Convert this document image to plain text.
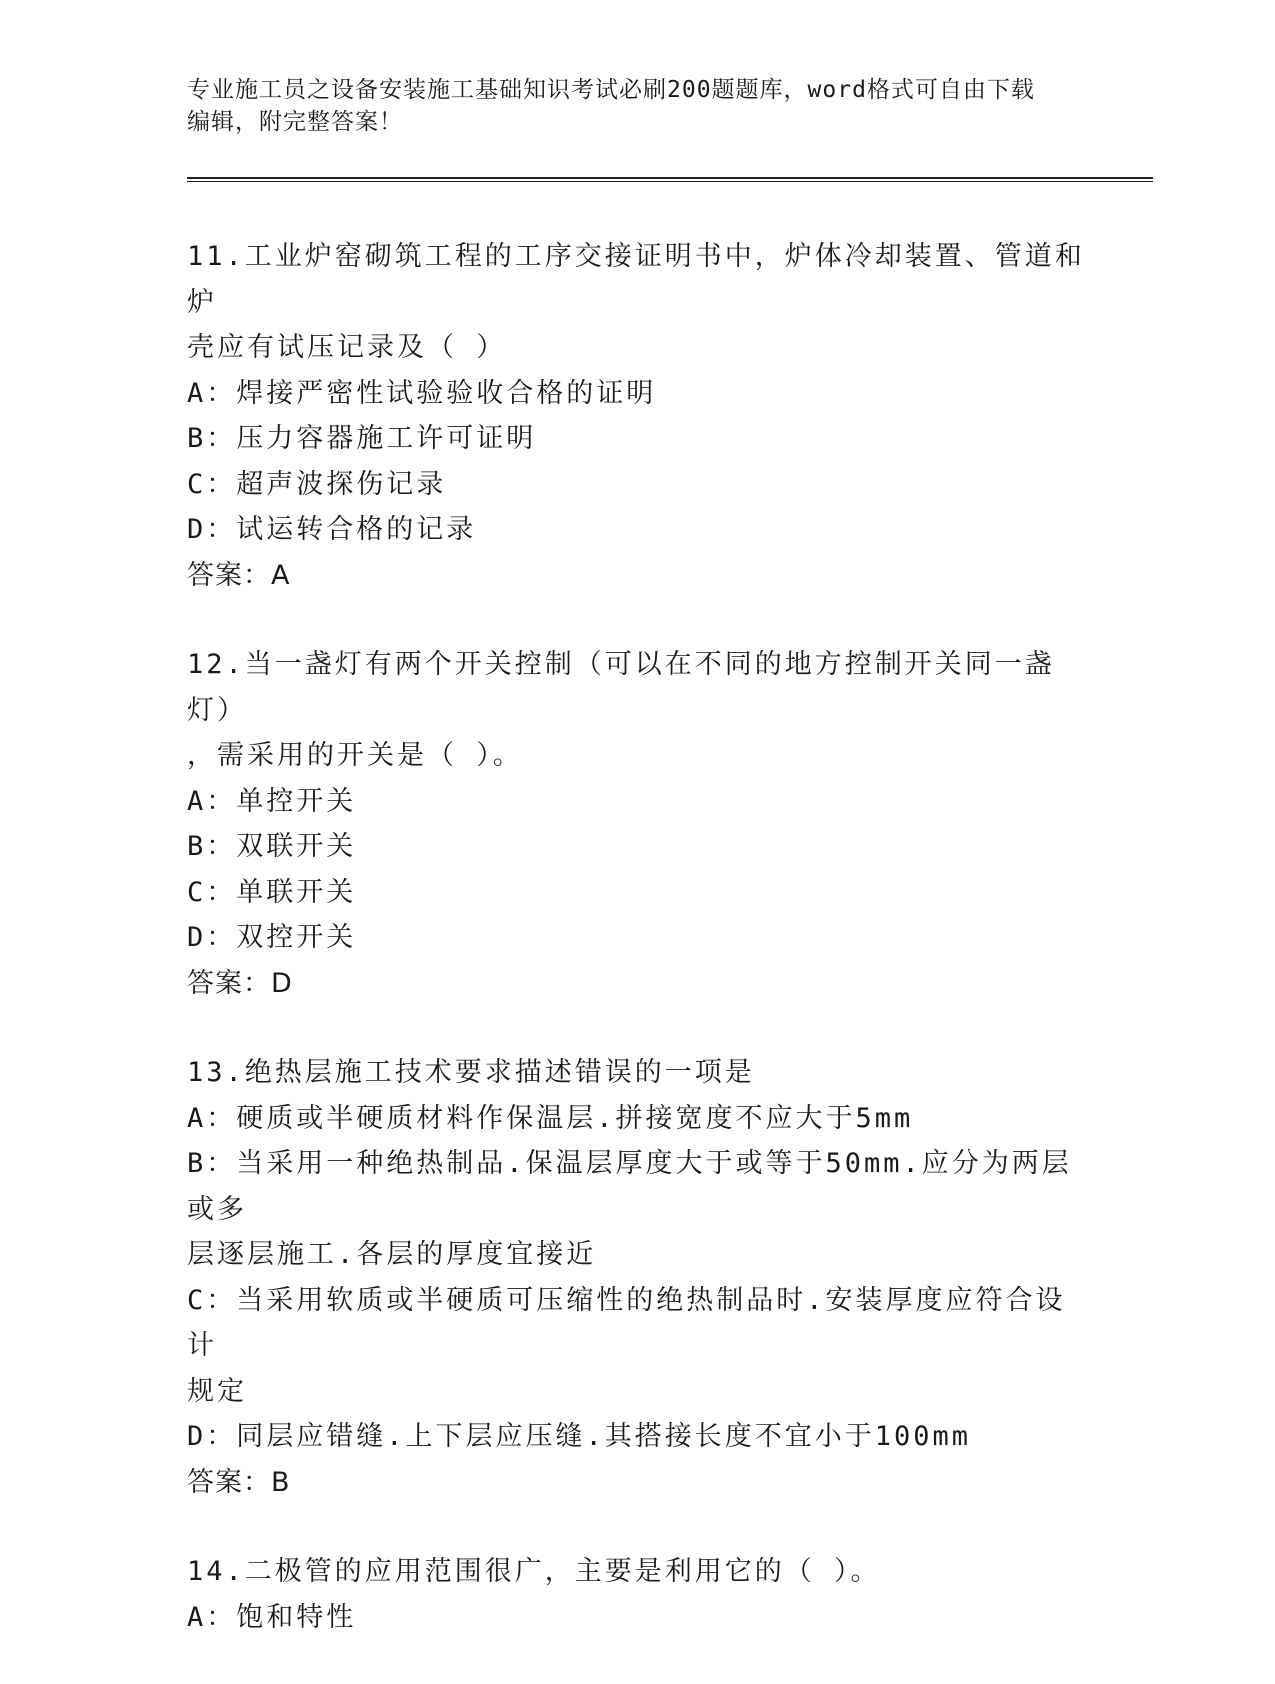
专业施工员之设备安装施工基础知识考试必刷200题题库，word格式可自由下载
编辑，附完整答案！
11.工业炉窑砌筑工程的工序交接证明书中，炉体冷却装置、管道和炉
壳应有试压记录及（ ）
A：焊接严密性试验验收合格的证明
B：压力容器施工许可证明
C：超声波探伤记录
D：试运转合格的记录
答案：A
12.当一盏灯有两个开关控制（可以在不同的地方控制开关同一盏灯）
，需采用的开关是（ ）。
A：单控开关
B：双联开关
C：单联开关
D：双控开关
答案：D
13.绝热层施工技术要求描述错误的一项是
A：硬质或半硬质材料作保温层.拼接宽度不应大于5mm
B：当采用一种绝热制品.保温层厚度大于或等于50mm.应分为两层或多
层逐层施工.各层的厚度宜接近
C：当采用软质或半硬质可压缩性的绝热制品时.安装厚度应符合设计
规定
D：同层应错缝.上下层应压缝.其搭接长度不宜小于100mm
答案：B
14.二极管的应用范围很广，主要是利用它的（ ）。
A：饱和特性
